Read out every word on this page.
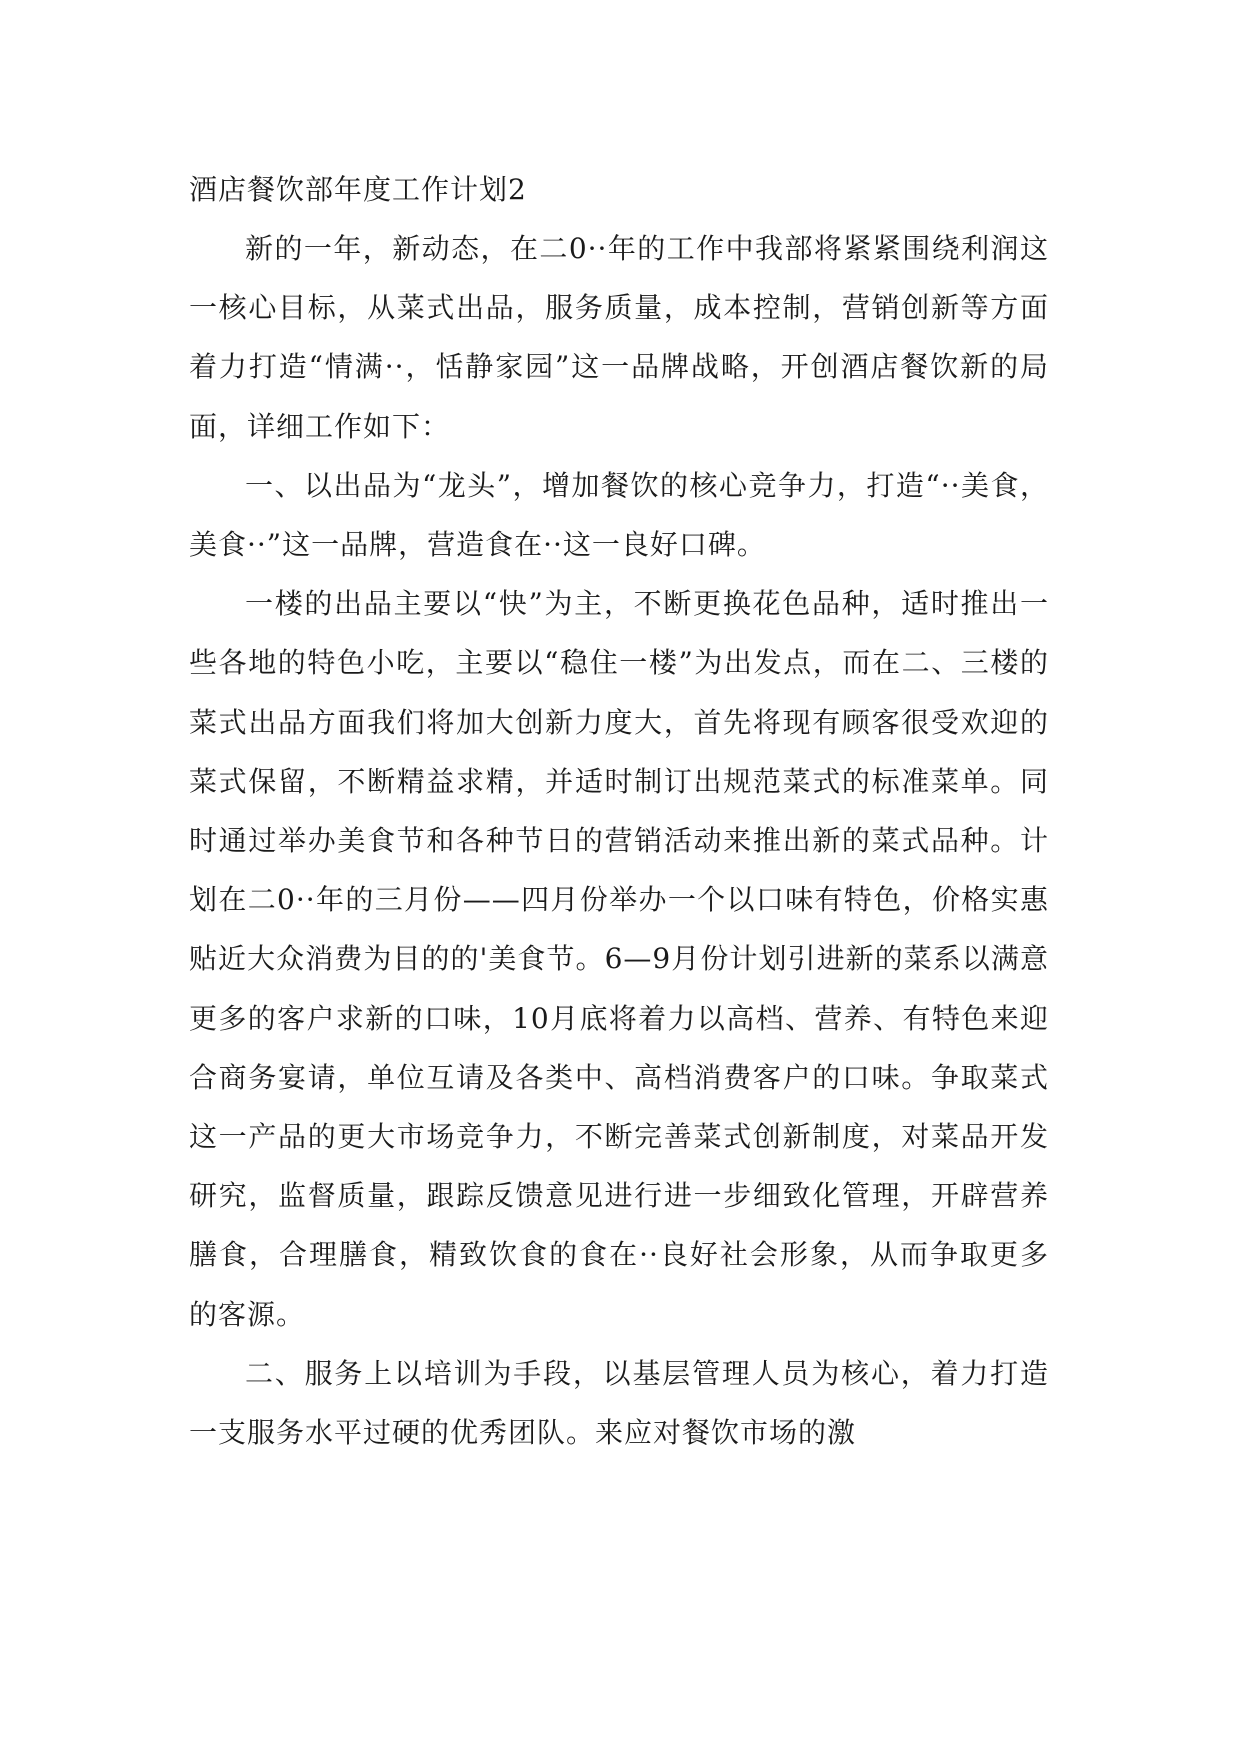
酒店餐饮部年度工作计划2

新的一年，新动态，在二0··年的工作中我部将紧紧围绕利润这一核心目标，从菜式出品，服务质量，成本控制，营销创新等方面着力打造“情满··，恬静家园”这一品牌战略，开创酒店餐饮新的局面，详细工作如下：

一、以出品为“龙头”，增加餐饮的核心竞争力，打造“··美食，美食··”这一品牌，营造食在··这一良好口碑。

一楼的出品主要以“快”为主，不断更换花色品种，适时推出一些各地的特色小吃，主要以“稳住一楼”为出发点，而在二、三楼的菜式出品方面我们将加大创新力度大，首先将现有顾客很受欢迎的菜式保留，不断精益求精，并适时制订出规范菜式的标准菜单。同时通过举办美食节和各种节日的营销活动来推出新的菜式品种。计划在二0··年的三月份——四月份举办一个以口味有特色，价格实惠贴近大众消费为目的的'美食节。6—9月份计划引进新的菜系以满意更多的客户求新的口味，10月底将着力以高档、营养、有特色来迎合商务宴请，单位互请及各类中、高档消费客户的口味。争取菜式这一产品的更大市场竞争力，不断完善菜式创新制度，对菜品开发研究，监督质量，跟踪反馈意见进行进一步细致化管理，开辟营养膳食，合理膳食，精致饮食的食在··良好社会形象，从而争取更多的客源。

二、服务上以培训为手段，以基层管理人员为核心，着力打造一支服务水平过硬的优秀团队。来应对餐饮市场的激
